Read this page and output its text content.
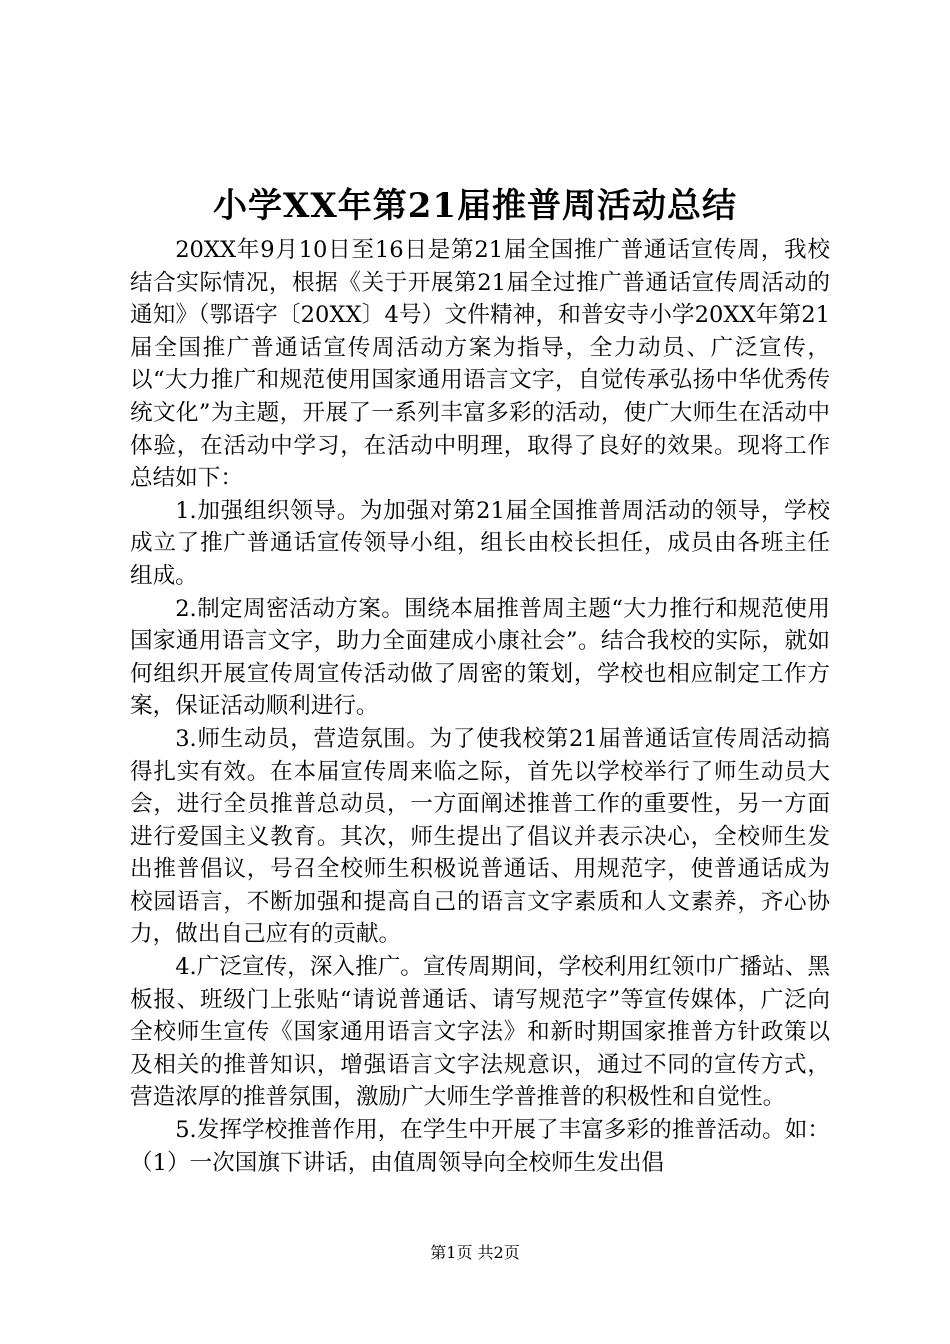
小学XX年第21届推普周活动总结

20XX年9月10日至16日是第21届全国推广普通话宣传周，我校结合实际情况，根据《关于开展第21届全过推广普通话宣传周活动的通知》（鄂语字〔20XX〕4号）文件精神，和普安寺小学20XX年第21届全国推广普通话宣传周活动方案为指导，全力动员、广泛宣传，以“大力推广和规范使用国家通用语言文字，自觉传承弘扬中华优秀传统文化”为主题，开展了一系列丰富多彩的活动，使广大师生在活动中体验，在活动中学习，在活动中明理，取得了良好的效果。现将工作总结如下：

1.加强组织领导。为加强对第21届全国推普周活动的领导，学校成立了推广普通话宣传领导小组，组长由校长担任，成员由各班主任组成。

2.制定周密活动方案。围绕本届推普周主题“大力推行和规范使用国家通用语言文字，助力全面建成小康社会”。结合我校的实际，就如何组织开展宣传周宣传活动做了周密的策划，学校也相应制定工作方案，保证活动顺利进行。

3.师生动员，营造氛围。为了使我校第21届普通话宣传周活动搞得扎实有效。在本届宣传周来临之际，首先以学校举行了师生动员大会，进行全员推普总动员，一方面阐述推普工作的重要性，另一方面进行爱国主义教育。其次，师生提出了倡议并表示决心，全校师生发出推普倡议，号召全校师生积极说普通话、用规范字，使普通话成为校园语言，不断加强和提高自己的语言文字素质和人文素养，齐心协力，做出自己应有的贡献。

4.广泛宣传，深入推广。宣传周期间，学校利用红领巾广播站、黑板报、班级门上张贴“请说普通话、请写规范字”等宣传媒体，广泛向全校师生宣传《国家通用语言文字法》和新时期国家推普方针政策以及相关的推普知识，增强语言文字法规意识，通过不同的宣传方式，营造浓厚的推普氛围，激励广大师生学普推普的积极性和自觉性。

5.发挥学校推普作用，在学生中开展了丰富多彩的推普活动。如：（1）一次国旗下讲话，由值周领导向全校师生发出倡

第1页 共2页
